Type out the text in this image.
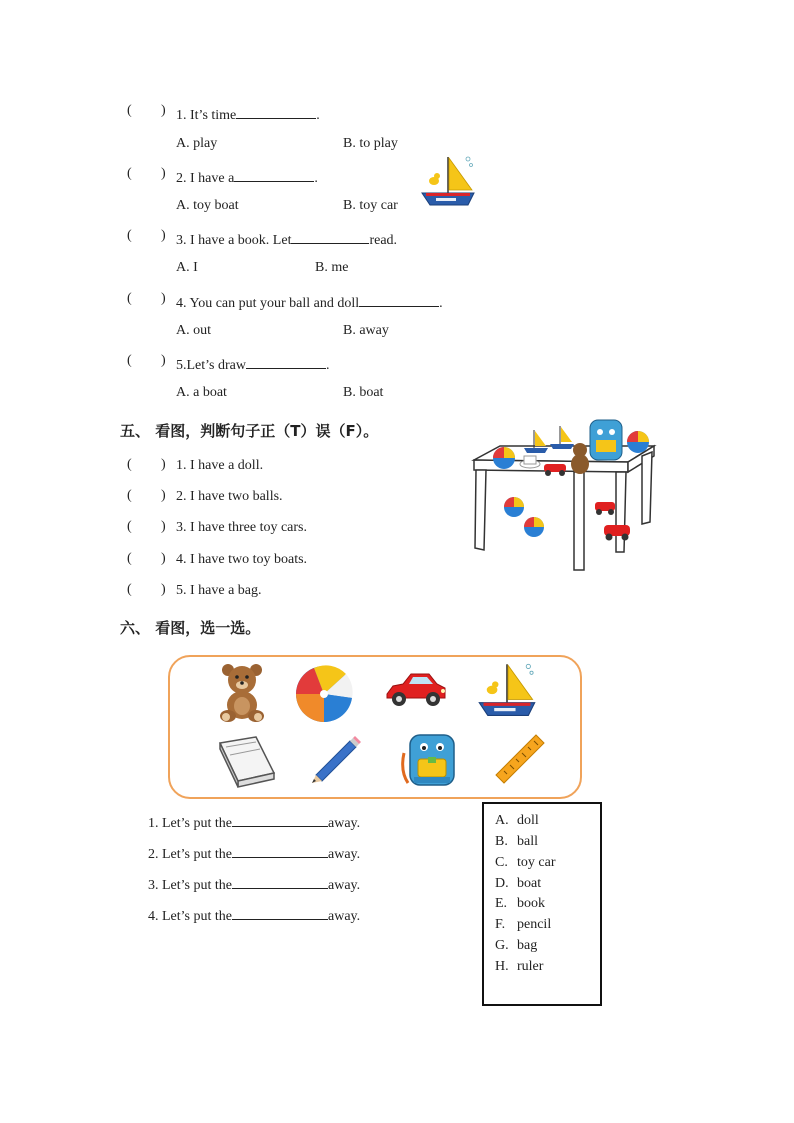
( ) 1. It’s time	.
A. play	B. to play
( ) 2. I have a	.
A. toy boat	B. toy car
( ) 3. I have a book. Let	read.
A. I	B. me
( ) 4. You can put your ball and doll	.
A. out	B. away
( ) 5.Let’s draw	.
A. a boat	B. boat
五、 看图，判断句子正（T）误（F）。
( ) 1. I have a doll.
( ) 2. I have two balls.
( ) 3. I have three toy cars.
( ) 4. I have two toy boats.
( ) 5. I have a bag.
六、 看图，选一选。
1. Let’s put the	away.
2. Let’s put the	away.
3. Let’s put the	away.
4. Let’s put the	away.
A. doll
B. ball
C. toy car
D. boat
E. book
F. pencil
G. bag
H. ruler
